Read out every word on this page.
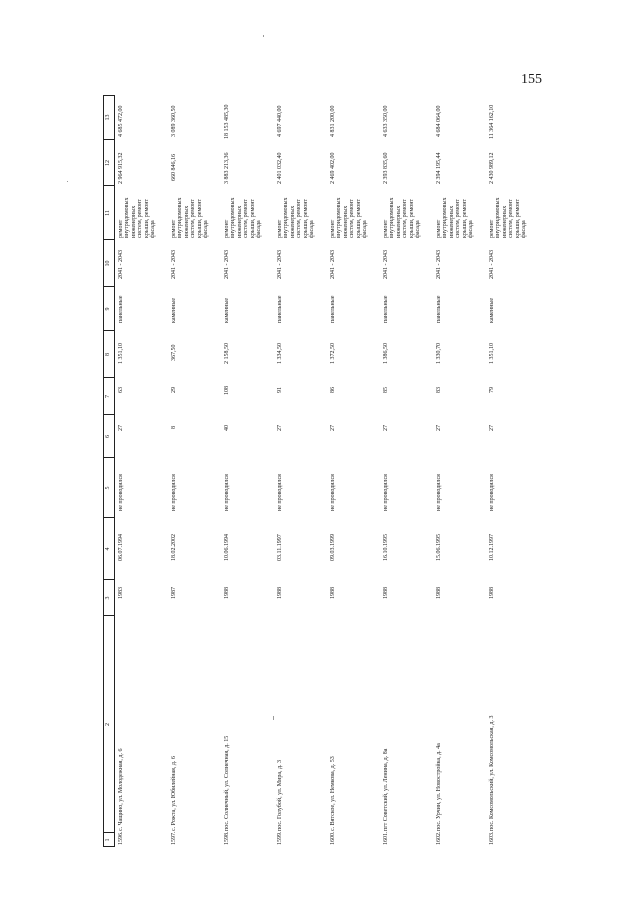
155
1
2
3
4
5
6
7
8
9
10
11
12
13
1596.
с. Чащино, ул. Молодежная, д. 6
1983
06.07.1994
не проводился
27
63
1 351,10
панельные
2041 - 2043
ремонт внутридомовых инженерных систем, ремонт крыши, ремонт фасада
2 964 915,32
4 685 472,00
1597.
с. Рожта, ул. Юбилейная, д. 6
1987
18.02.2002
не проводился
8
29
367,50
каменные
2041 - 2043
ремонт внутридомовых инженерных систем, ремонт крыши, ремонт фасада
660 846,16
3 089 360,50
1598.
пос. Солнечный, ул. Солнечная, д. 15
1988
10.06.1994
не проводился
40
108
2 158,50
каменные
2041 - 2043
ремонт внутридомовых инженерных систем, ремонт крыши, ремонт фасада
3 883 213,36
18 153 485,30
1599.
пос. Голубой, ул. Мира, д. 3
1988
03.11.1997
не проводился
27
91
1 334,50
панельные
2041 - 2043
ремонт внутридомовых инженерных систем, ремонт крыши, ремонт фасада
2 401 032,40
4 697 440,00
1600.
с. Вятское, ул. Немкова, д. 53
1988
09.03.1999
не проводился
27
86
1 372,50
панельные
2041 - 2043
ремонт внутридомовых инженерных систем, ремонт крыши, ремонт фасада
2 469 402,00
4 831 200,00
1601.
пгт Советский, ул. Ленина, д. 8а
1988
16.10.1995
не проводился
27
85
1 386,50
панельные
2041 - 2043
ремонт внутридомовых инженерных систем, ремонт крыши, ремонт фасада
2 393 835,60
4 633 350,00
1602.
пос. Урчин, ул. Новостройка, д. 4а
1988
15.06.1995
не проводился
27
83
1 330,70
панельные
2041 - 2043
ремонт внутридомовых инженерных систем, ремонт крыши, ремонт фасада
2 394 195,44
4 684 064,00
1603.
пос. Комсомольский, ул. Комсомольская, д. 3
1988
10.12.1997
не проводился
27
79
1 351,10
каменные
2041 - 2043
ремонт внутридомовых инженерных систем, ремонт крыши, ремонт фасада
2 430 989,12
11 364 162,10
